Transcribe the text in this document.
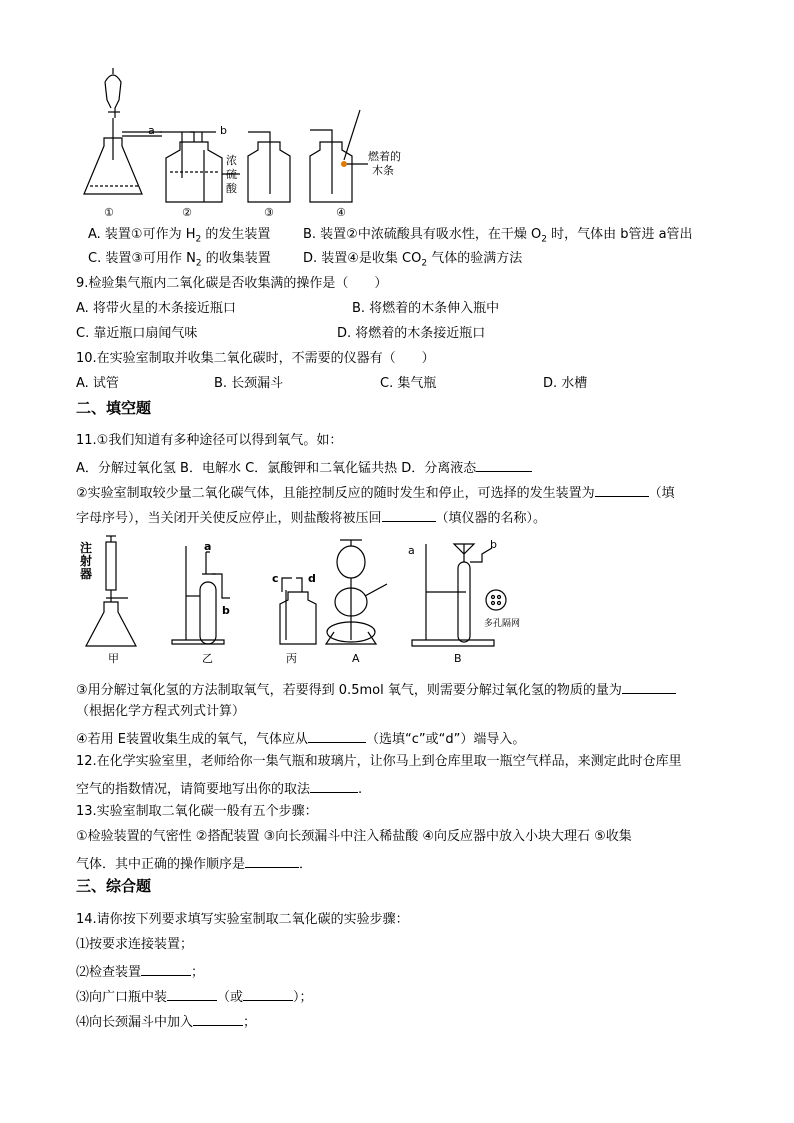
a	b
浓
硫
酸
燃着的
木条
①	②	③	④
A. 装置①可作为 $H_2$ 的发生装置	B. 装置②中浓硫酸具有吸水性，在干燥 $O_2$ 时，气体由 b管进 a管出
C. 装置③可用作 $N_2$ 的收集装置 D. 装置④是收集 $CO_2$ 气体的验满方法
9.检验集气瓶内二氧化碳是否收集满的操作是（　　）
A. 将带火星的木条接近瓶口	B. 将燃着的木条伸入瓶中
C. 靠近瓶口扇闻气味	D. 将燃着的木条接近瓶口
10.在实验室制取并收集二氧化碳时，不需要的仪器有（　　）
A. 试管	B. 长颈漏斗	C. 集气瓶	D. 水槽
二、填空题
11.①我们知道有多种途径可以得到氧气。如：
A．分解过氧化氢 B．电解水 C．氯酸钾和二氧化锰共热 D．分离液态
②实验室制取较少量二氧化碳气体，且能控制反应的随时发生和停止，可选择的发生装置为	（填
字母序号），当关闭开关使反应停止，则盐酸将被压回	（填仪器的名称）。
注
射
器
a
b
c	d
a	b
多孔隔网
甲	乙	丙	A	B
③用分解过氧化氢的方法制取氧气，若要得到 0.5mol 氧气，则需要分解过氧化氢的物质的量为
（根据化学方程式列式计算）
④若用 E装置收集生成的氧气，气体应从	（选填“c”或“d”）端导入。
12.在化学实验室里，老师给你一集气瓶和玻璃片，让你马上到仓库里取一瓶空气样品，来测定此时仓库里
空气的指数情况，请简要地写出你的取法	.
13.实验室制取二氧化碳一般有五个步骤：
①检验装置的气密性 ②搭配装置 ③向长颈漏斗中注入稀盐酸 ④向反应器中放入小块大理石 ⑤收集
气体．其中正确的操作顺序是	．
三、综合题
14.请你按下列要求填写实验室制取二氧化碳的实验步骤：
⑴按要求连接装置；
⑵检查装置	；
⑶向广口瓶中装	（或	）；
⑷向长颈漏斗中加入	；
